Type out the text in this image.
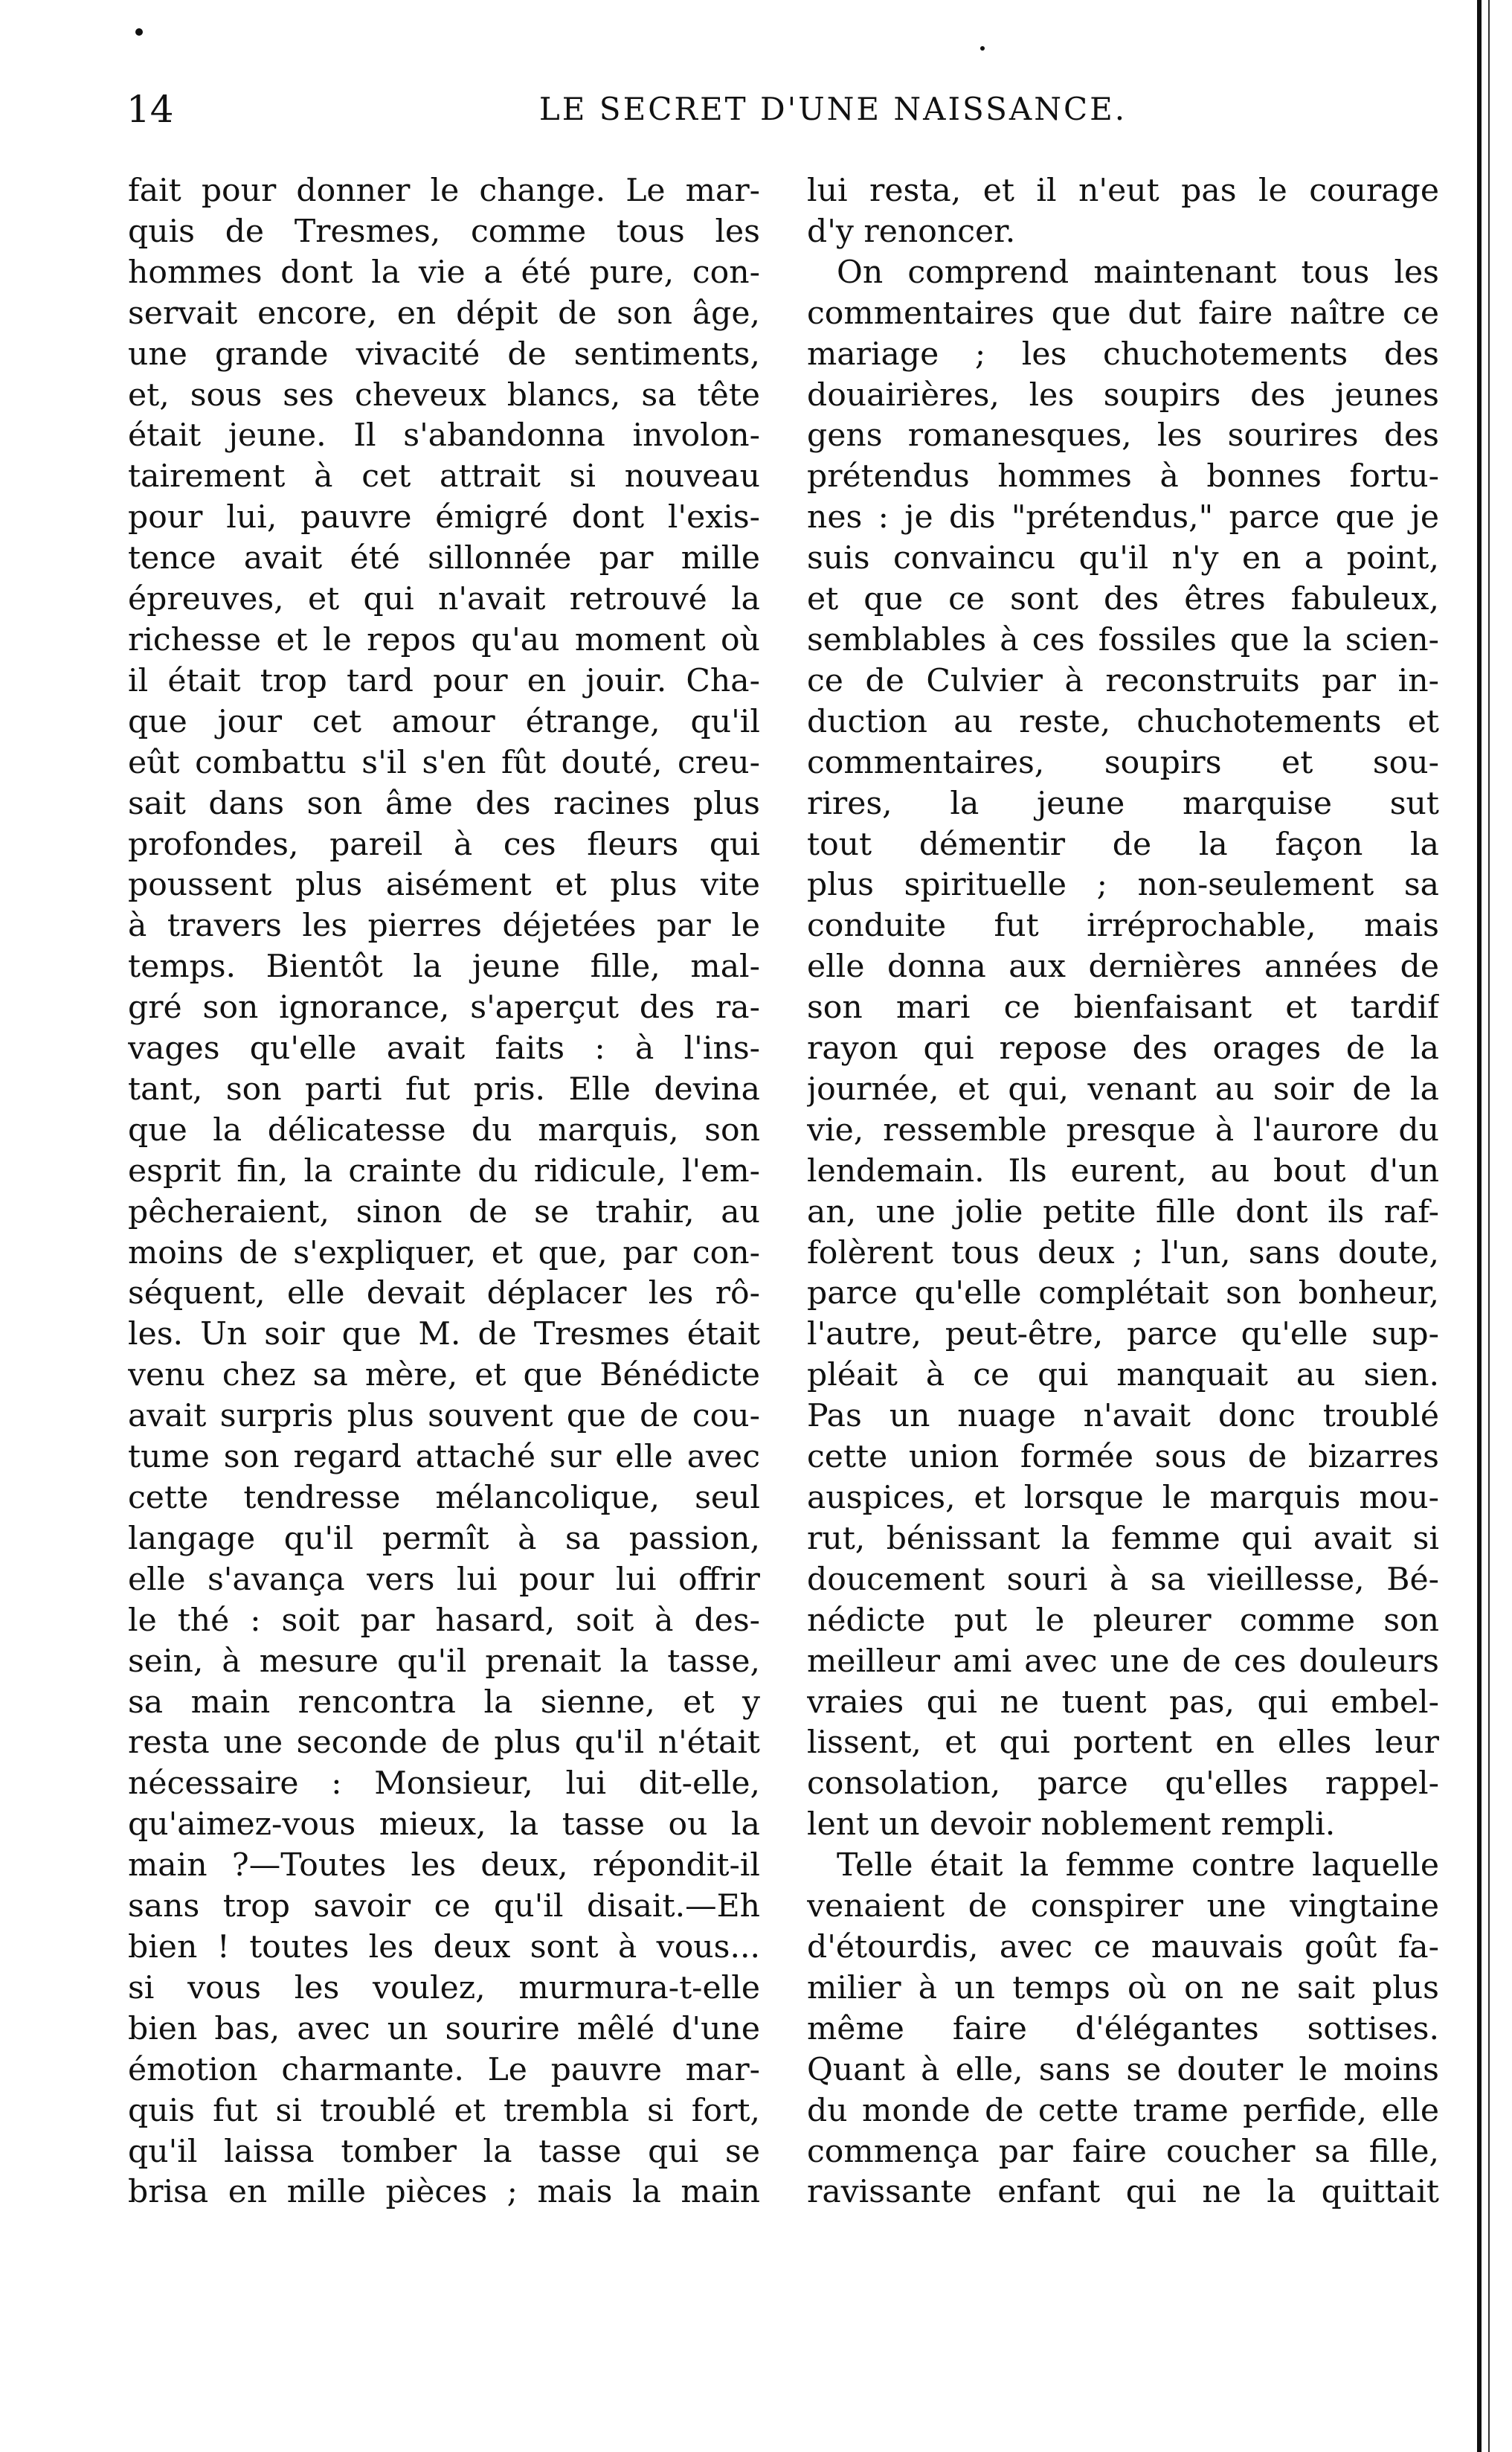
14	LE SECRET D'UNE NAISSANCE.

fait pour donner le change. Le mar-

quis de Tresmes, comme tous les

hommes dont la vie a été pure, con-

servait encore, en dépit de son âge,

une grande vivacité de sentiments,

et, sous ses cheveux blancs, sa tête

était jeune. Il s'abandonna involon-

tairement à cet attrait si nouveau

pour lui, pauvre émigré dont l'exis-

tence avait été sillonnée par mille

épreuves, et qui n'avait retrouvé la

richesse et le repos qu'au moment où

il était trop tard pour en jouir. Cha-

que jour cet amour étrange, qu'il

eût combattu s'il s'en fût douté, creu-

sait dans son âme des racines plus

profondes, pareil à ces fleurs qui

poussent plus aisément et plus vite

à travers les pierres déjetées par le

temps. Bientôt la jeune fille, mal-

gré son ignorance, s'aperçut des ra-

vages qu'elle avait faits : à l'ins-

tant, son parti fut pris. Elle devina

que la délicatesse du marquis, son

esprit fin, la crainte du ridicule, l'em-

pêcheraient, sinon de se trahir, au

moins de s'expliquer, et que, par con-

séquent, elle devait déplacer les rô-

les. Un soir que M. de Tresmes était

venu chez sa mère, et que Bénédicte

avait surpris plus souvent que de cou-

tume son regard attaché sur elle avec

cette tendresse mélancolique, seul

langage qu'il permît à sa passion,

elle s'avança vers lui pour lui offrir

le thé : soit par hasard, soit à des-

sein, à mesure qu'il prenait la tasse,

sa main rencontra la sienne, et y

resta une seconde de plus qu'il n'était

nécessaire : Monsieur, lui dit-elle,

qu'aimez-vous mieux, la tasse ou la

main ?—Toutes les deux, répondit-il

sans trop savoir ce qu'il disait.—Eh

bien ! toutes les deux sont à vous...

si vous les voulez, murmura-t-elle

bien bas, avec un sourire mêlé d'une

émotion charmante. Le pauvre mar-

quis fut si troublé et trembla si fort,

qu'il laissa tomber la tasse qui se

brisa en mille pièces ; mais la main

lui resta, et il n'eut pas le courage

d'y renoncer.

On comprend maintenant tous les

commentaires que dut faire naître ce

mariage ; les chuchotements des

douairières, les soupirs des jeunes

gens romanesques, les sourires des

prétendus hommes à bonnes fortu-

nes : je dis "prétendus," parce que je

suis convaincu qu'il n'y en a point,

et que ce sont des êtres fabuleux,

semblables à ces fossiles que la scien-

ce de Culvier à reconstruits par in-

duction au reste, chuchotements et

commentaires, soupirs et sou-

rires, la jeune marquise sut

tout démentir de la façon la

plus spirituelle ; non-seulement sa

conduite fut irréprochable, mais

elle donna aux dernières années de

son mari ce bienfaisant et tardif

rayon qui repose des orages de la

journée, et qui, venant au soir de la

vie, ressemble presque à l'aurore du

lendemain. Ils eurent, au bout d'un

an, une jolie petite fille dont ils raf-

folèrent tous deux ; l'un, sans doute,

parce qu'elle complétait son bonheur,

l'autre, peut-être, parce qu'elle sup-

pléait à ce qui manquait au sien.

Pas un nuage n'avait donc troublé

cette union formée sous de bizarres

auspices, et lorsque le marquis mou-

rut, bénissant la femme qui avait si

doucement souri à sa vieillesse, Bé-

nédicte put le pleurer comme son

meilleur ami avec une de ces douleurs

vraies qui ne tuent pas, qui embel-

lissent, et qui portent en elles leur

consolation, parce qu'elles rappel-

lent un devoir noblement rempli.

Telle était la femme contre laquelle

venaient de conspirer une vingtaine

d'étourdis, avec ce mauvais goût fa-

milier à un temps où on ne sait plus

même faire d'élégantes sottises.

Quant à elle, sans se douter le moins

du monde de cette trame perfide, elle

commença par faire coucher sa fille,

ravissante enfant qui ne la quittait
